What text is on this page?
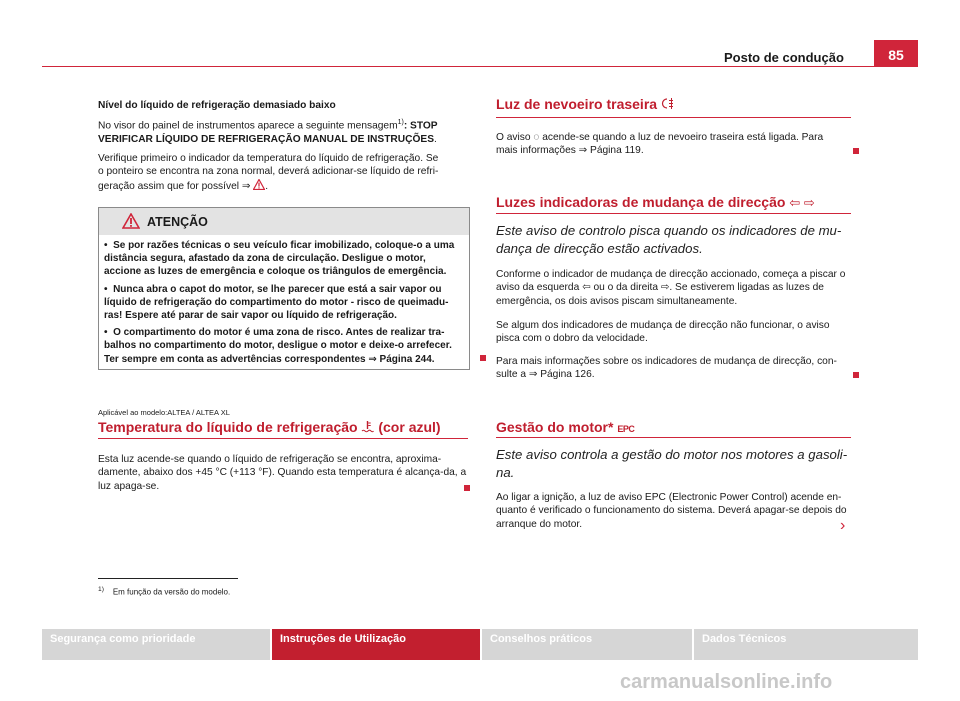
Posto de condução	85

Nível do líquido de refrigeração demasiado baixo

No visor do painel de instrumentos aparece a seguinte mensagem$^{1)}$: STOP
VERIFICAR LÍQUIDO DE REFRIGERAÇÃO MANUAL DE INSTRUÇÕES.

Verifique primeiro o indicador da temperatura do líquido de refrigeração. Se
o ponteiro se encontra na zona normal, deverá adicionar-se líquido de refri-
geração assim que for possível ⇒ .

ATENÇÃO

•  Se por razões técnicas o seu veículo ficar imobilizado, coloque-o a uma distância segura, afastado da zona de circulação. Desligue o motor, accione as luzes de emergência e coloque os triângulos de emergência.

•  Nunca abra o capot do motor, se lhe parecer que está a sair vapor ou líquido de refrigeração do compartimento do motor - risco de queimadu-ras! Espere até parar de sair vapor ou líquido de refrigeração.

•  O compartimento do motor é uma zona de risco. Antes de realizar tra-balhos no compartimento do motor, desligue o motor e deixe-o arrefecer. Ter sempre em conta as advertências correspondentes ⇒ Página 244.

Aplicável ao modelo:ALTEA / ALTEA XL
Temperatura do líquido de refrigeração (cor azul)

Esta luz acende-se quando o líquido de refrigeração se encontra, aproxima-damente, abaixo dos +45 °C (+113 °F). Quando esta temperatura é alcança-da, a luz apaga-se.

Luz de nevoeiro traseira

O aviso ◌ acende-se quando a luz de nevoeiro traseira está ligada. Para mais informações ⇒ Página 119.

Luzes indicadoras de mudança de direcção ⇦ ⇨

Este aviso de controlo pisca quando os indicadores de mu-dança de direcção estão activados.

Conforme o indicador de mudança de direcção accionado, começa a piscar o aviso da esquerda ⇦ ou o da direita ⇨. Se estiverem ligadas as luzes de emergência, os dois avisos piscam simultaneamente.

Se algum dos indicadores de mudança de direcção não funcionar, o aviso pisca com o dobro da velocidade.

Para mais informações sobre os indicadores de mudança de direcção, con-sulte a ⇒ Página 126.

Gestão do motor* EPC

Este aviso controla a gestão do motor nos motores a gasoli-na.

Ao ligar a ignição, a luz de aviso EPC (Electronic Power Control) acende en-quanto é verificado o funcionamento do sistema. Deverá apagar-se depois do arranque do motor.	›
$^{1)}$ Em função da versão do modelo.
Segurança como prioridade	Instruções de Utilização	Conselhos práticos	Dados Técnicos
carmanualsonline.info
